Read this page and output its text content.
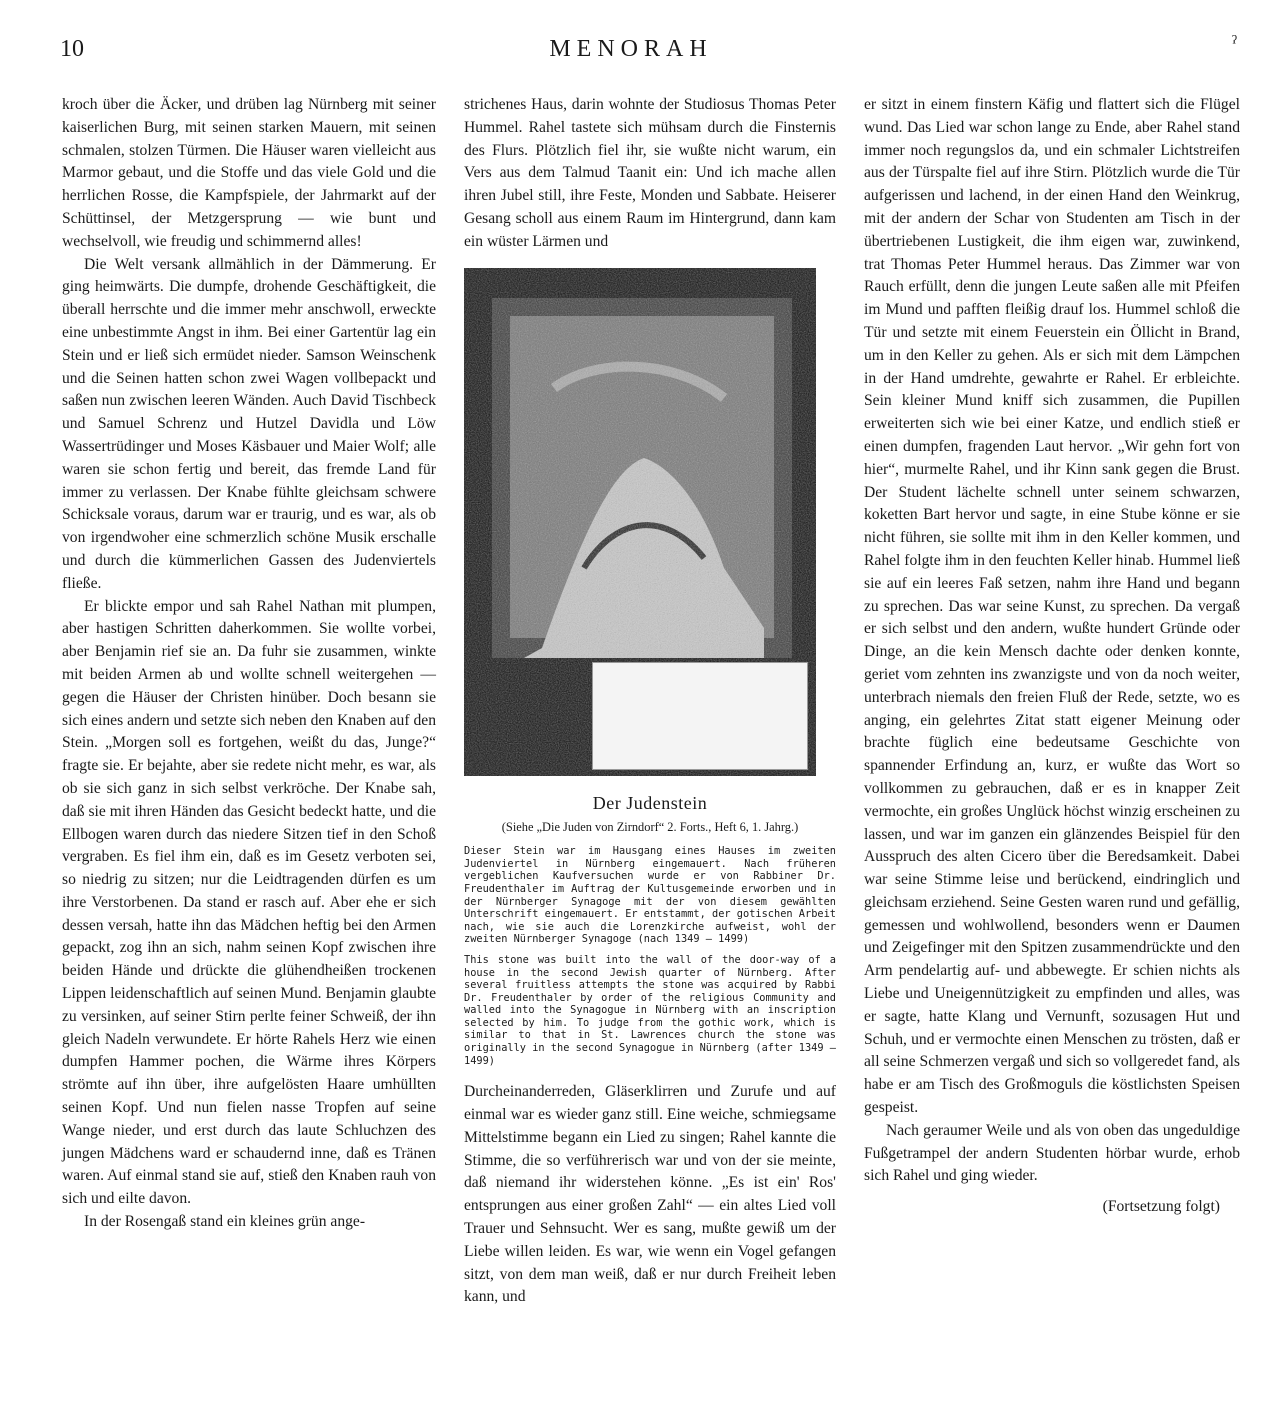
10	MENORAH	ˀ

kroch über die Äcker, und drüben lag Nürnberg mit seiner kaiserlichen Burg, mit seinen starken Mauern, mit seinen schmalen, stolzen Türmen. Die Häuser waren vielleicht aus Marmor gebaut, und die Stoffe und das viele Gold und die herrlichen Rosse, die Kampfspiele, der Jahrmarkt auf der Schüttinsel, der Metzgersprung — wie bunt und wechselvoll, wie freudig und schimmernd alles!

Die Welt versank allmählich in der Dämmerung. Er ging heimwärts. Die dumpfe, drohende Geschäftigkeit, die überall herrschte und die immer mehr anschwoll, erweckte eine unbestimmte Angst in ihm. Bei einer Gartentür lag ein Stein und er ließ sich ermüdet nieder. Samson Weinschenk und die Seinen hatten schon zwei Wagen vollbepackt und saßen nun zwischen leeren Wänden. Auch David Tischbeck und Samuel Schrenz und Hutzel Davidla und Löw Wassertrüdinger und Moses Käsbauer und Maier Wolf; alle waren sie schon fertig und bereit, das fremde Land für immer zu verlassen. Der Knabe fühlte gleichsam schwere Schicksale voraus, darum war er traurig, und es war, als ob von irgendwoher eine schmerzlich schöne Musik erschalle und durch die kümmerlichen Gassen des Judenviertels fließe.

Er blickte empor und sah Rahel Nathan mit plumpen, aber hastigen Schritten daherkommen. Sie wollte vorbei, aber Benjamin rief sie an. Da fuhr sie zusammen, winkte mit beiden Armen ab und wollte schnell weitergehen — gegen die Häuser der Christen hinüber. Doch besann sie sich eines andern und setzte sich neben den Knaben auf den Stein. „Morgen soll es fortgehen, weißt du das, Junge?“ fragte sie. Er bejahte, aber sie redete nicht mehr, es war, als ob sie sich ganz in sich selbst verkröche. Der Knabe sah, daß sie mit ihren Händen das Gesicht bedeckt hatte, und die Ellbogen waren durch das niedere Sitzen tief in den Schoß vergraben. Es fiel ihm ein, daß es im Gesetz verboten sei, so niedrig zu sitzen; nur die Leidtragenden dürfen es um ihre Verstorbenen. Da stand er rasch auf. Aber ehe er sich dessen versah, hatte ihn das Mädchen heftig bei den Armen gepackt, zog ihn an sich, nahm seinen Kopf zwischen ihre beiden Hände und drückte die glühendheißen trockenen Lippen leidenschaftlich auf seinen Mund. Benjamin glaubte zu versinken, auf seiner Stirn perlte feiner Schweiß, der ihn gleich Nadeln verwundete. Er hörte Rahels Herz wie einen dumpfen Hammer pochen, die Wärme ihres Körpers strömte auf ihn über, ihre aufgelösten Haare umhüllten seinen Kopf. Und nun fielen nasse Tropfen auf seine Wange nieder, und erst durch das laute Schluchzen des jungen Mädchens ward er schaudernd inne, daß es Tränen waren. Auf einmal stand sie auf, stieß den Knaben rauh von sich und eilte davon.

In der Rosengaß stand ein kleines grün ange-

strichenes Haus, darin wohnte der Studiosus Thomas Peter Hummel. Rahel tastete sich mühsam durch die Finsternis des Flurs. Plötzlich fiel ihr, sie wußte nicht warum, ein Vers aus dem Talmud Taanit ein: Und ich mache allen ihren Jubel still, ihre Feste, Monden und Sabbate. Heiserer Gesang scholl aus einem Raum im Hintergrund, dann kam ein wüster Lärmen und

Der Judenstein
(Siehe „Die Juden von Zirndorf“ 2. Forts., Heft 6, 1. Jahrg.)
Dieser Stein war im Hausgang eines Hauses im zweiten Judenviertel in Nürnberg eingemauert. Nach früheren vergeblichen Kaufversuchen wurde er von Rabbiner Dr. Freudenthaler im Auftrag der Kultusgemeinde erworben und in der Nürnberger Synagoge mit der von diesem gewählten Unterschrift eingemauert. Er entstammt, der gotischen Arbeit nach, wie sie auch die Lorenzkirche aufweist, wohl der zweiten Nürnberger Synagoge (nach 1349 — 1499)
This stone was built into the wall of the door-way of a house in the second Jewish quarter of Nürnberg. After several fruitless attempts the stone was acquired by Rabbi Dr. Freudenthaler by order of the religious Community and walled into the Synagogue in Nürnberg with an inscription selected by him. To judge from the gothic work, which is similar to that in St. Lawrences church the stone was originally in the second Synagogue in Nürnberg (after 1349 — 1499)

Durcheinanderreden, Gläserklirren und Zurufe und auf einmal war es wieder ganz still. Eine weiche, schmiegsame Mittelstimme begann ein Lied zu singen; Rahel kannte die Stimme, die so verführerisch war und von der sie meinte, daß niemand ihr widerstehen könne. „Es ist ein' Ros' entsprungen aus einer großen Zahl“ — ein altes Lied voll Trauer und Sehnsucht. Wer es sang, mußte gewiß um der Liebe willen leiden. Es war, wie wenn ein Vogel gefangen sitzt, von dem man weiß, daß er nur durch Freiheit leben kann, und

er sitzt in einem finstern Käfig und flattert sich die Flügel wund. Das Lied war schon lange zu Ende, aber Rahel stand immer noch regungslos da, und ein schmaler Lichtstreifen aus der Türspalte fiel auf ihre Stirn. Plötzlich wurde die Tür aufgerissen und lachend, in der einen Hand den Weinkrug, mit der andern der Schar von Studenten am Tisch in der übertriebenen Lustigkeit, die ihm eigen war, zuwinkend, trat Thomas Peter Hummel heraus. Das Zimmer war von Rauch erfüllt, denn die jungen Leute saßen alle mit Pfeifen im Mund und pafften fleißig drauf los. Hummel schloß die Tür und setzte mit einem Feuerstein ein Öllicht in Brand, um in den Keller zu gehen. Als er sich mit dem Lämpchen in der Hand umdrehte, gewahrte er Rahel. Er erbleichte. Sein kleiner Mund kniff sich zusammen, die Pupillen erweiterten sich wie bei einer Katze, und endlich stieß er einen dumpfen, fragenden Laut hervor. „Wir gehn fort von hier“, murmelte Rahel, und ihr Kinn sank gegen die Brust. Der Student lächelte schnell unter seinem schwarzen, koketten Bart hervor und sagte, in eine Stube könne er sie nicht führen, sie sollte mit ihm in den Keller kommen, und Rahel folgte ihm in den feuchten Keller hinab. Hummel ließ sie auf ein leeres Faß setzen, nahm ihre Hand und begann zu sprechen. Das war seine Kunst, zu sprechen. Da vergaß er sich selbst und den andern, wußte hundert Gründe oder Dinge, an die kein Mensch dachte oder denken konnte, geriet vom zehnten ins zwanzigste und von da noch weiter, unterbrach niemals den freien Fluß der Rede, setzte, wo es anging, ein gelehrtes Zitat statt eigener Meinung oder brachte füglich eine bedeutsame Geschichte von spannender Erfindung an, kurz, er wußte das Wort so vollkommen zu gebrauchen, daß er es in knapper Zeit vermochte, ein großes Unglück höchst winzig erscheinen zu lassen, und war im ganzen ein glänzendes Beispiel für den Ausspruch des alten Cicero über die Beredsamkeit. Dabei war seine Stimme leise und berückend, eindringlich und gleichsam erziehend. Seine Gesten waren rund und gefällig, gemessen und wohlwollend, besonders wenn er Daumen und Zeigefinger mit den Spitzen zusammendrückte und den Arm pendelartig auf- und abbewegte. Er schien nichts als Liebe und Uneigennützigkeit zu empfinden und alles, was er sagte, hatte Klang und Vernunft, sozusagen Hut und Schuh, und er vermochte einen Menschen zu trösten, daß er all seine Schmerzen vergaß und sich so vollgeredet fand, als habe er am Tisch des Großmoguls die köstlichsten Speisen gespeist.

Nach geraumer Weile und als von oben das ungeduldige Fußgetrampel der andern Studenten hörbar wurde, erhob sich Rahel und ging wieder.

(Fortsetzung folgt)
